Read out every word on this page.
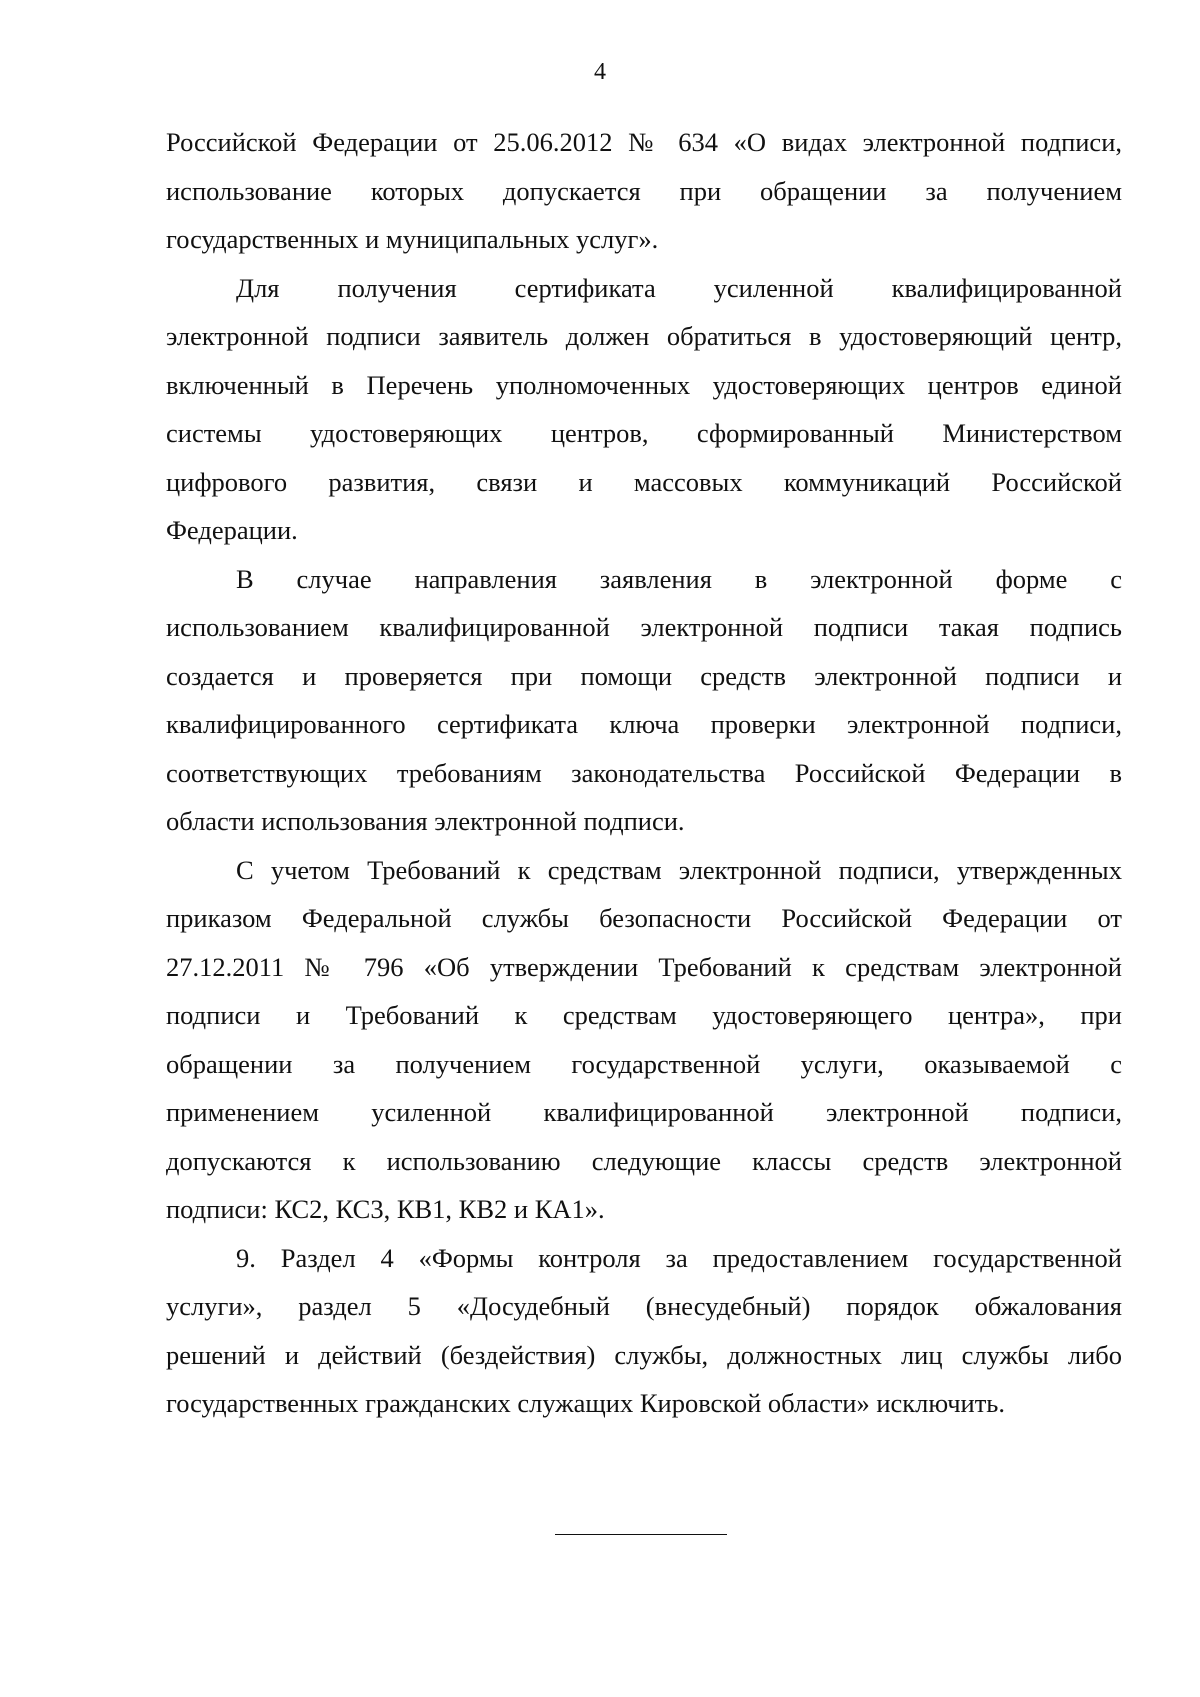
4
Российской Федерации от 25.06.2012 № 634 «О видах электронной подписи,
использование которых допускается при обращении за получением
государственных и муниципальных услуг».
Для получения сертификата усиленной квалифицированной
электронной подписи заявитель должен обратиться в удостоверяющий центр,
включенный в Перечень уполномоченных удостоверяющих центров единой
системы удостоверяющих центров, сформированный Министерством
цифрового развития, связи и массовых коммуникаций Российской
Федерации.
В случае направления заявления в электронной форме с
использованием квалифицированной электронной подписи такая подпись
создается и проверяется при помощи средств электронной подписи и
квалифицированного сертификата ключа проверки электронной подписи,
соответствующих требованиям законодательства Российской Федерации в
области использования электронной подписи.
С учетом Требований к средствам электронной подписи, утвержденных
приказом Федеральной службы безопасности Российской Федерации от
27.12.2011 № 796 «Об утверждении Требований к средствам электронной
подписи и Требований к средствам удостоверяющего центра», при
обращении за получением государственной услуги, оказываемой с
применением усиленной квалифицированной электронной подписи,
допускаются к использованию следующие классы средств электронной
подписи: КС2, КС3, КВ1, КВ2 и КА1».
9. Раздел 4 «Формы контроля за предоставлением государственной
услуги», раздел 5 «Досудебный (внесудебный) порядок обжалования
решений и действий (бездействия) службы, должностных лиц службы либо
государственных гражданских служащих Кировской области» исключить.
